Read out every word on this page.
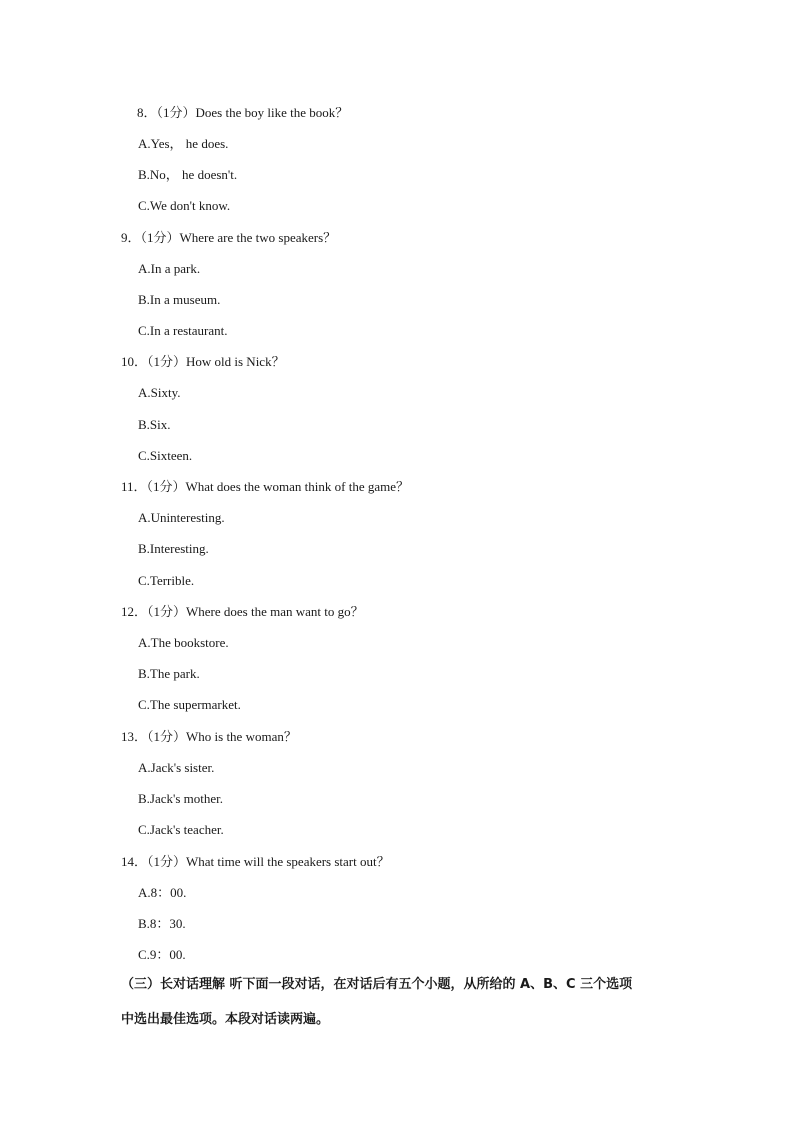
8．（1分）Does the boy like the book？
A.Yes， he does.
B.No， he doesn't.
C.We don't know.
9．（1分）Where are the two speakers？
A.In a park.
B.In a museum.
C.In a restaurant.
10．（1分）How old is Nick？
A.Sixty.
B.Six.
C.Sixteen.
11．（1分）What does the woman think of the game？
A.Uninteresting.
B.Interesting.
C.Terrible.
12．（1分）Where does the man want to go？
A.The bookstore.
B.The park.
C.The supermarket.
13．（1分）Who is the woman？
A.Jack's sister.
B.Jack's mother.
C.Jack's teacher.
14．（1分）What time will the speakers start out？
A.8：00.
B.8：30.
C.9：00.
（三）长对话理解 听下面一段对话，在对话后有五个小题，从所给的 A、B、C 三个选项
中选出最佳选项。本段对话读两遍。
